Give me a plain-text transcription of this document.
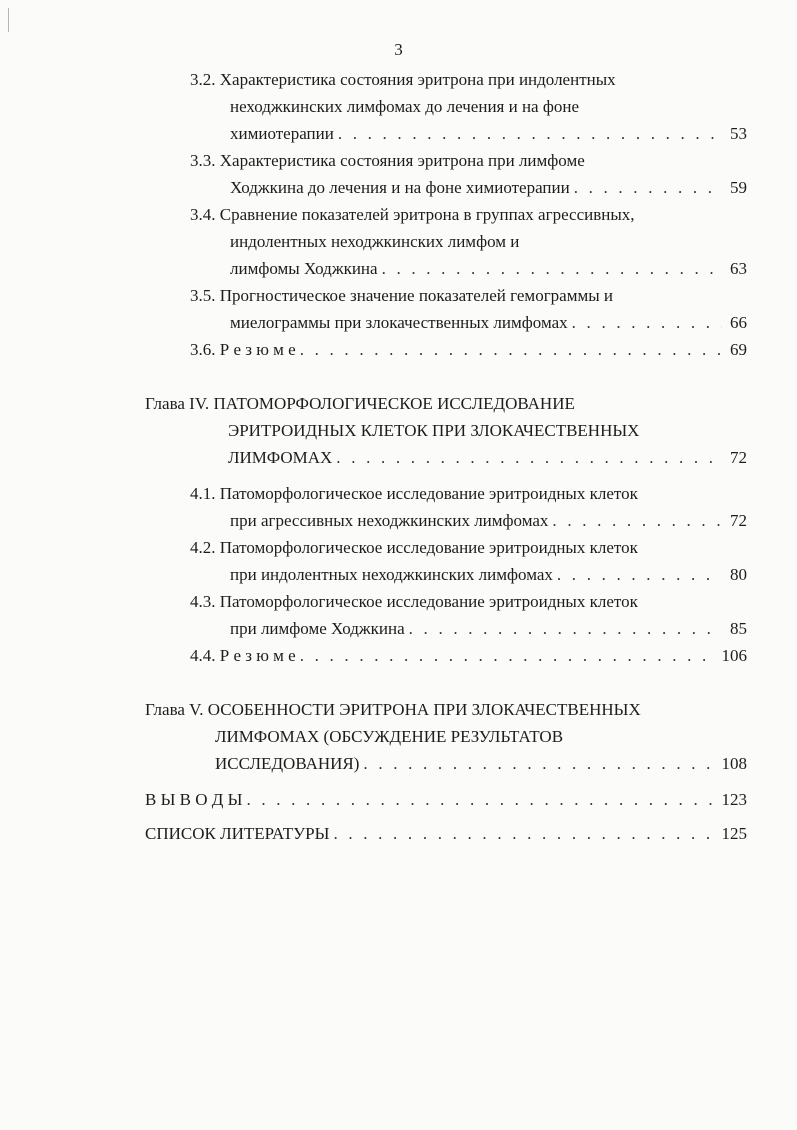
3
3.2. Характеристика состояния эритрона при индолентных
неходжкинских лимфомах до лечения и на фоне
химиотерапии . . .	53
3.3. Характеристика состояния эритрона при лимфоме
Ходжкина до лечения и на фоне химиотерапии . . .	59
3.4. Сравнение показателей эритрона в группах агрессивных,
индолентных неходжкинских лимфом и
лимфомы Ходжкина . . .	63
3.5. Прогностическое значение показателей гемограммы и
миелограммы при злокачественных лимфомах . . .	66
3.6. Р е з ю м е . . .	69
Глава IV. ПАТОМОРФОЛОГИЧЕСКОЕ ИССЛЕДОВАНИЕ
ЭРИТРОИДНЫХ КЛЕТОК ПРИ ЗЛОКАЧЕСТВЕННЫХ
ЛИМФОМАХ . . .	72
4.1. Патоморфологическое исследование эритроидных клеток
при агрессивных неходжкинских лимфомах . . .	72
4.2. Патоморфологическое исследование эритроидных клеток
при индолентных неходжкинских лимфомах . . .	80
4.3. Патоморфологическое исследование эритроидных клеток
при лимфоме Ходжкина . . .	85
4.4. Р е з ю м е . . .	106
Глава V. ОСОБЕННОСТИ ЭРИТРОНА ПРИ ЗЛОКАЧЕСТВЕННЫХ
ЛИМФОМАХ (ОБСУЖДЕНИЕ РЕЗУЛЬТАТОВ
ИССЛЕДОВАНИЯ) . . .	108
В Ы В О Д Ы . . .	123
СПИСОК ЛИТЕРАТУРЫ . . .	125
